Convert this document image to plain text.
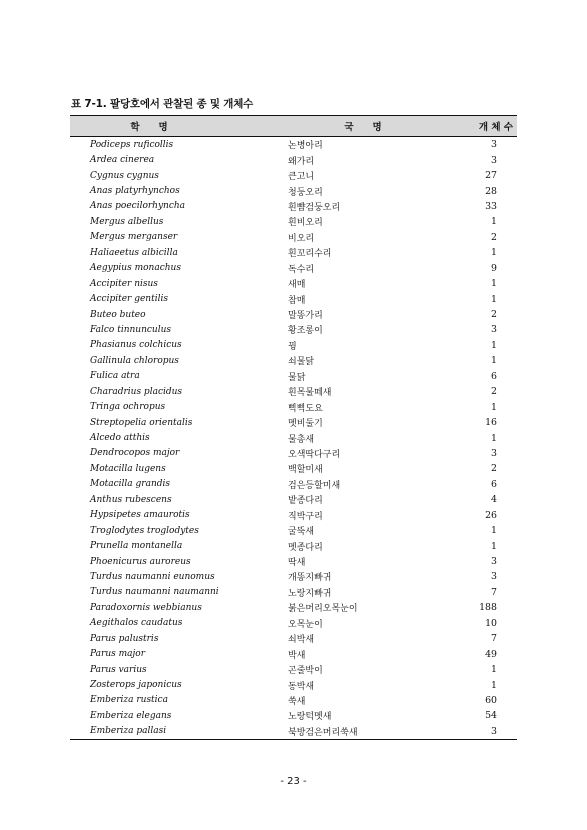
표 7-1. 팔당호에서 관찰된 종 및 개체수
학　　명	국　　명	개 체 수
Podiceps ruficollis	논병아리	3
Ardea cinerea	왜가리	3
Cygnus cygnus	큰고니	27
Anas platyrhynchos	청둥오리	28
Anas poecilorhyncha	흰뺨검둥오리	33
Mergus albellus	흰비오리	1
Mergus merganser	비오리	2
Haliaeetus albicilla	흰꼬리수리	1
Aegypius monachus	독수리	9
Accipiter nisus	새매	1
Accipiter gentilis	참매	1
Buteo buteo	말똥가리	2
Falco tinnunculus	황조롱이	3
Phasianus colchicus	꿩	1
Gallinula chloropus	쇠물닭	1
Fulica atra	물닭	6
Charadrius placidus	흰목물떼새	2
Tringa ochropus	삑삑도요	1
Streptopelia orientalis	멧비둘기	16
Alcedo atthis	물총새	1
Dendrocopos major	오색딱다구리	3
Motacilla lugens	백할미새	2
Motacilla grandis	검은등할미새	6
Anthus rubescens	밭종다리	4
Hypsipetes amaurotis	직박구리	26
Troglodytes troglodytes	굴뚝새	1
Prunella montanella	멧종다리	1
Phoenicurus auroreus	딱새	3
Turdus naumanni eunomus	개똥지빠귀	3
Turdus naumanni naumanni	노랑지빠귀	7
Paradoxornis webbianus	붉은머리오목눈이	188
Aegithalos caudatus	오목눈이	10
Parus palustris	쇠박새	7
Parus major	박새	49
Parus varius	곤줄박이	1
Zosterops japonicus	동박새	1
Emberiza rustica	쑥새	60
Emberiza elegans	노랑턱멧새	54
Emberiza pallasi	북방검은머리쑥새	3
- 23 -
